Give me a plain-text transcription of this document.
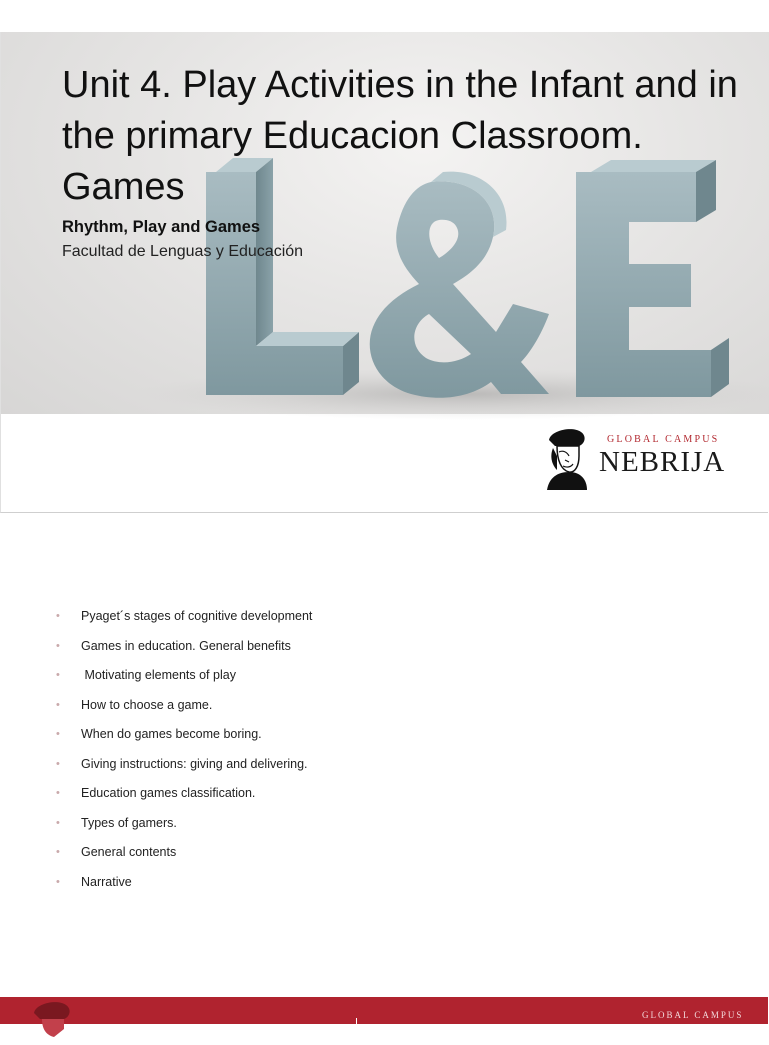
Unit 4. Play Activities in the Infant and in the primary Educacion Classroom. Games
Rhythm, Play and Games
Facultad de Lenguas y Educación
GLOBAL CAMPUS
NEBRIJA
• Pyaget´s stages of cognitive development
• Games in education. General benefits
• Motivating elements of play
• How to choose a game.
• When do games become boring.
• Giving instructions: giving and delivering.
• Education games classification.
• Types of gamers.
• General contents
• Narrative
GLOBAL CAMPUS
NEBRIJA
